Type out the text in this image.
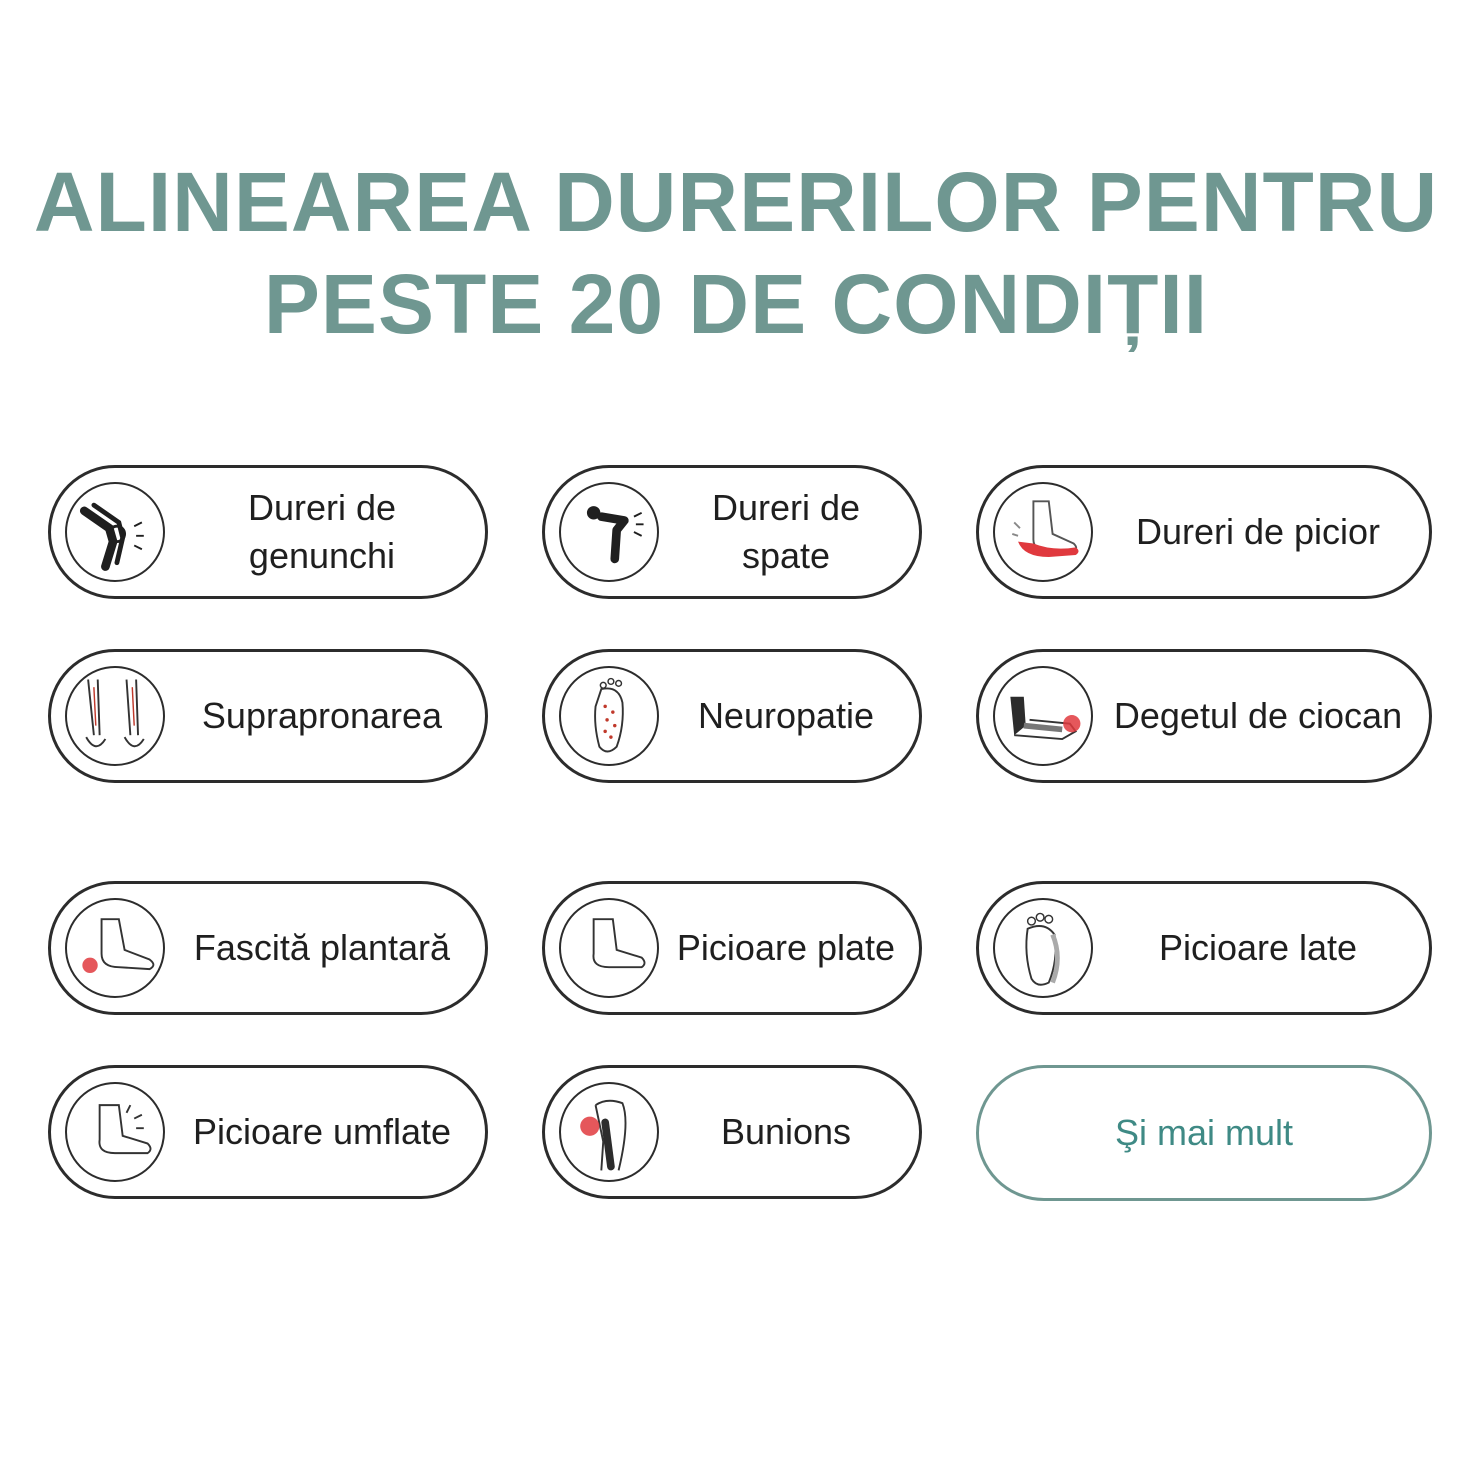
ALINEAREA DURERILOR PENTRU
PESTE 20 DE CONDIȚII
Dureri de
genunchi
Dureri de
spate
Dureri de picior
Suprapronarea	Neuropatie	Degetul de ciocan
Fascită plantară	Picioare plate	Picioare late
Picioare umflate	Bunions	Şi mai mult
